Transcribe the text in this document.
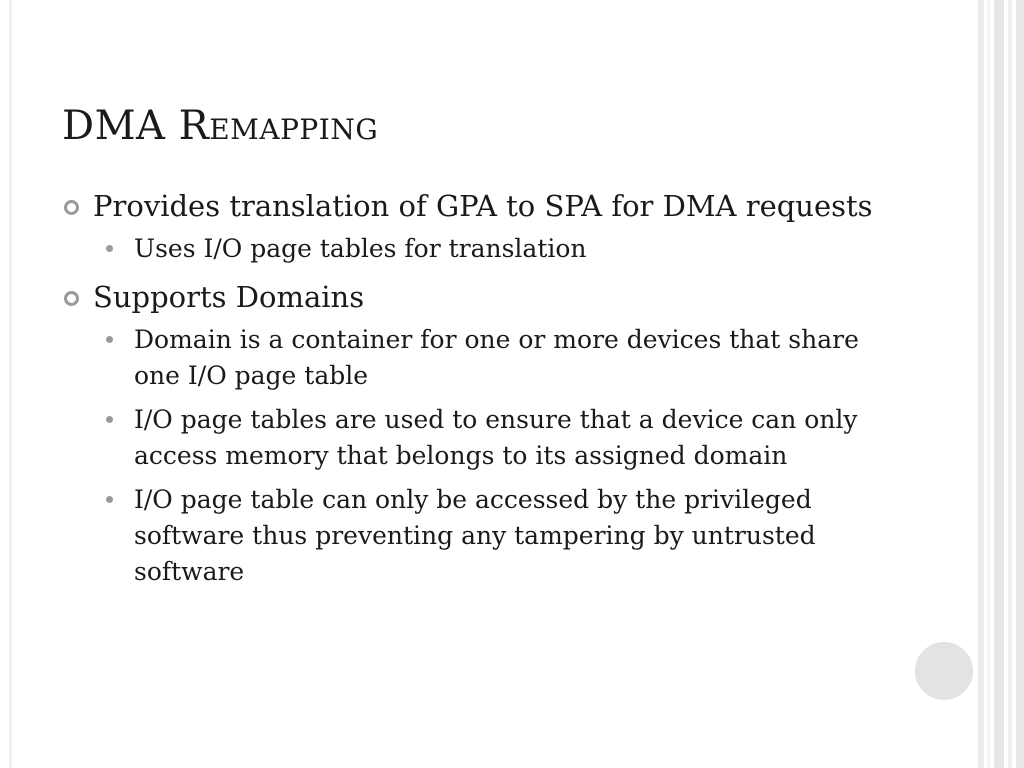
DMA Remapping
Provides translation of GPA to SPA for DMA requests
Uses I/O page tables for translation
Supports Domains
Domain is a container for one or more devices that share one I/O page table
I/O page tables are used to ensure that a device can only access memory that belongs to its assigned domain
I/O page table can only be accessed by the privileged software thus preventing any tampering by untrusted software
